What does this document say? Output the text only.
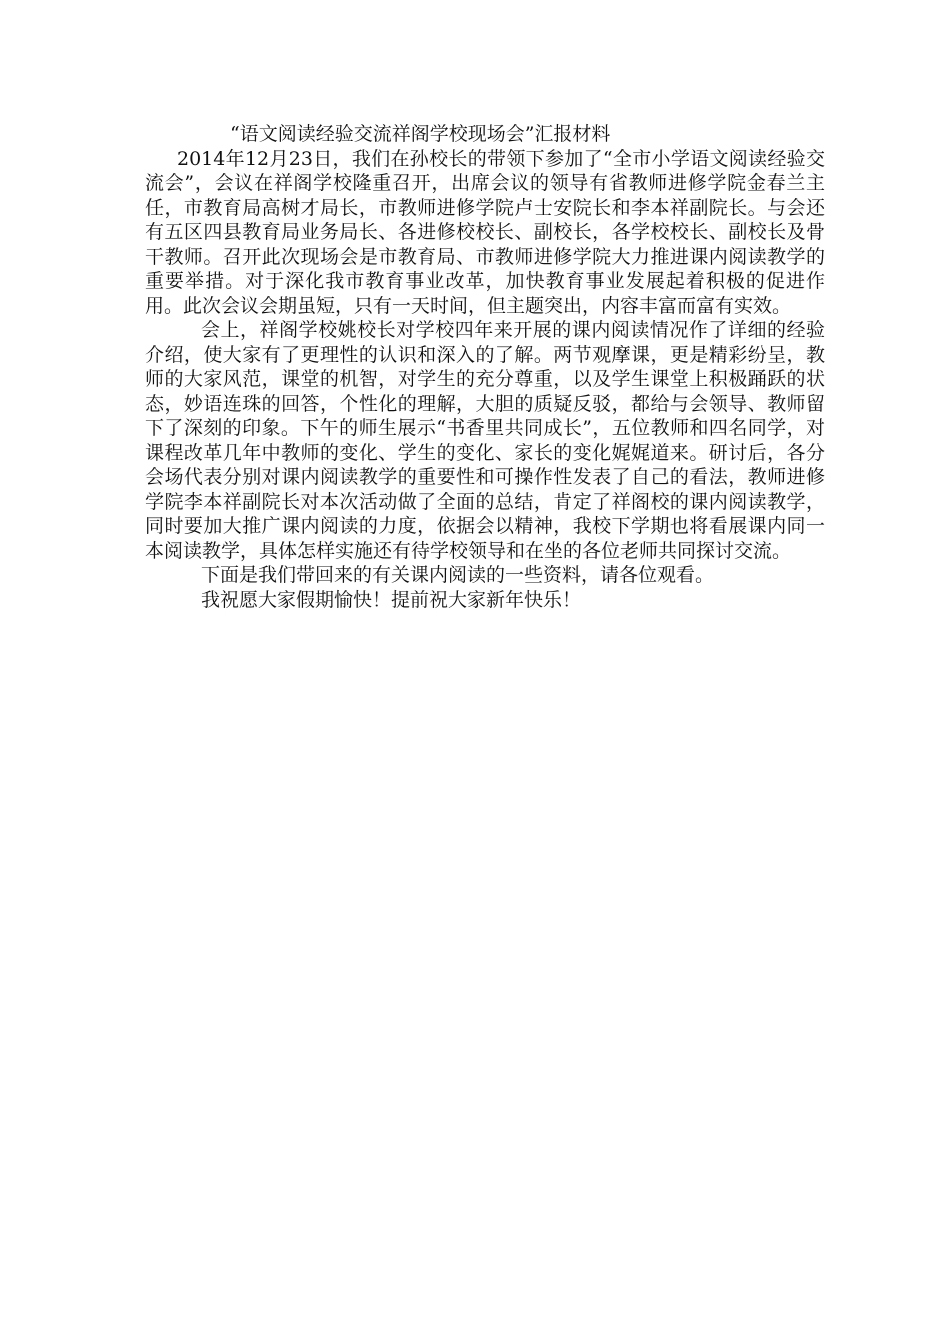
“语文阅读经验交流祥阁学校现场会”汇报材料

2014年12月23日，我们在孙校长的带领下参加了“全市小学语文阅读经验交流会”，会议在祥阁学校隆重召开，出席会议的领导有省教师进修学院金春兰主任，市教育局高树才局长，市教师进修学院卢士安院长和李本祥副院长。与会还有五区四县教育局业务局长、各进修校校长、副校长，各学校校长、副校长及骨干教师。召开此次现场会是市教育局、市教师进修学院大力推进课内阅读教学的重要举措。对于深化我市教育事业改革，加快教育事业发展起着积极的促进作用。此次会议会期虽短，只有一天时间，但主题突出，内容丰富而富有实效。

会上，祥阁学校姚校长对学校四年来开展的课内阅读情况作了详细的经验介绍，使大家有了更理性的认识和深入的了解。两节观摩课，更是精彩纷呈，教师的大家风范，课堂的机智，对学生的充分尊重，以及学生课堂上积极踊跃的状态，妙语连珠的回答，个性化的理解，大胆的质疑反驳，都给与会领导、教师留下了深刻的印象。下午的师生展示“书香里共同成长”，五位教师和四名同学，对课程改革几年中教师的变化、学生的变化、家长的变化娓娓道来。研讨后，各分会场代表分别对课内阅读教学的重要性和可操作性发表了自己的看法，教师进修学院李本祥副院长对本次活动做了全面的总结，肯定了祥阁校的课内阅读教学，同时要加大推广课内阅读的力度，依据会以精神，我校下学期也将看展课内同一本阅读教学，具体怎样实施还有待学校领导和在坐的各位老师共同探讨交流。

下面是我们带回来的有关课内阅读的一些资料，请各位观看。

我祝愿大家假期愉快！提前祝大家新年快乐！
